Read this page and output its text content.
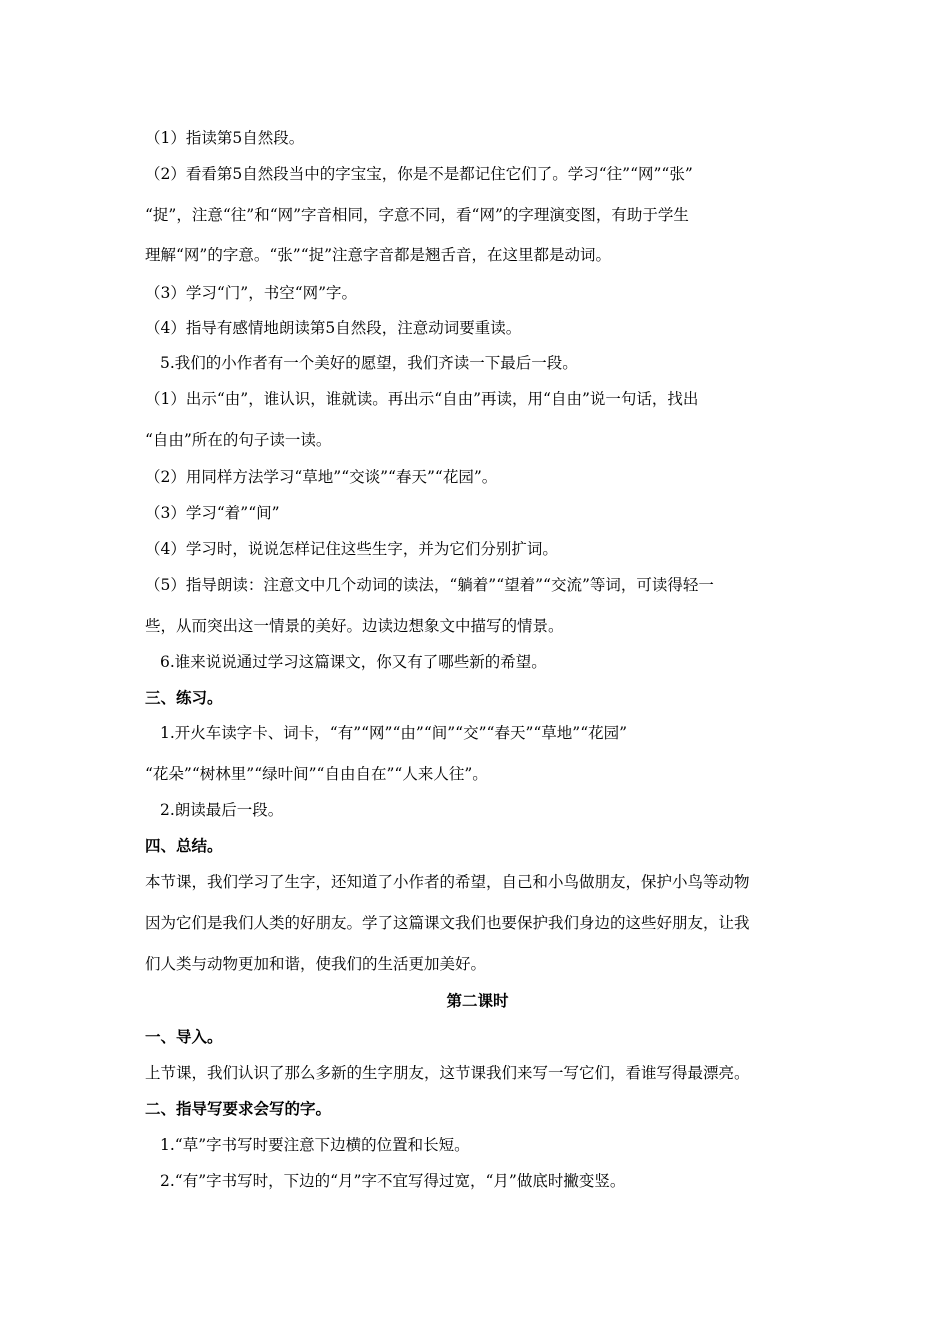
（1）指读第5自然段。
（2）看看第5自然段当中的字宝宝，你是不是都记住它们了。学习“往”“网”“张”
“捉”，注意“往”和“网”字音相同，字意不同，看“网”的字理演变图，有助于学生
理解“网”的字意。“张”“捉”注意字音都是翘舌音，在这里都是动词。
（3）学习“门”，书空“网”字。
（4）指导有感情地朗读第5自然段，注意动词要重读。
5.我们的小作者有一个美好的愿望，我们齐读一下最后一段。
（1）出示“由”，谁认识，谁就读。再出示“自由”再读，用“自由”说一句话，找出
“自由”所在的句子读一读。
（2）用同样方法学习“草地”“交谈”“春天”“花园”。
（3）学习“着”“间”
（4）学习时，说说怎样记住这些生字，并为它们分别扩词。
（5）指导朗读：注意文中几个动词的读法，“躺着”“望着”“交流”等词，可读得轻一
些，从而突出这一情景的美好。边读边想象文中描写的情景。
6.谁来说说通过学习这篇课文，你又有了哪些新的希望。
三、练习。
1.开火车读字卡、词卡，“有”“网”“由”“间”“交”“春天”“草地”“花园”
“花朵”“树林里”“绿叶间”“自由自在”“人来人往”。
2.朗读最后一段。
四、总结。
本节课，我们学习了生字，还知道了小作者的希望，自己和小鸟做朋友，保护小鸟等动物
因为它们是我们人类的好朋友。学了这篇课文我们也要保护我们身边的这些好朋友，让我
们人类与动物更加和谐，使我们的生活更加美好。
第二课时
一、导入。
上节课，我们认识了那么多新的生字朋友，这节课我们来写一写它们，看谁写得最漂亮。
二、指导写要求会写的字。
1.“草”字书写时要注意下边横的位置和长短。
2.“有”字书写时，下边的“月”字不宜写得过宽，“月”做底时撇变竖。
